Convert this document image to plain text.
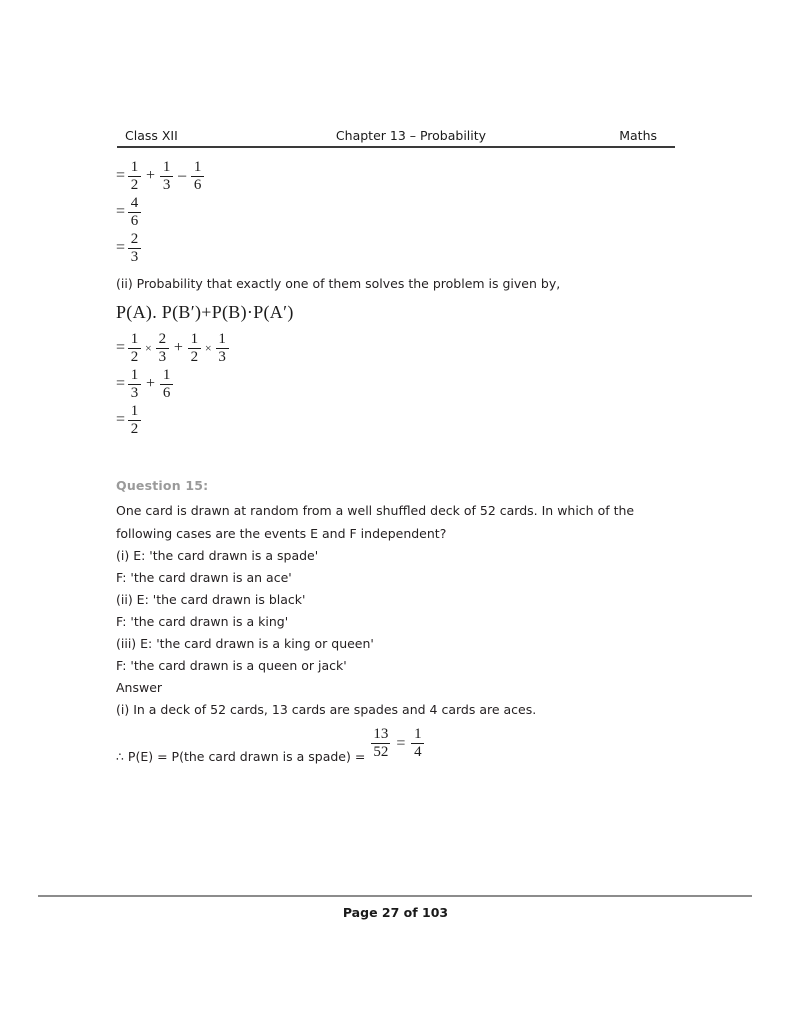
Class XII	Chapter 13 – Probability	Maths
= $\frac{1}{2} + \frac{1}{3} - \frac{1}{6}$
= $\frac{4}{6}$
= $\frac{2}{3}$

(ii) Probability that exactly one of them solves the problem is given by,

P(A). P(B′)+P(B)·P(A′)

= $\frac{1}{2} \times \frac{2}{3} + \frac{1}{2} \times \frac{1}{3}$
= $\frac{1}{3} + \frac{1}{6}$
= $\frac{1}{2}$

Question 15:

One card is drawn at random from a well shuffled deck of 52 cards. In which of the

following cases are the events E and F independent?

(i) E: 'the card drawn is a spade'

F: 'the card drawn is an ace'

(ii) E: 'the card drawn is black'

F: 'the card drawn is a king'

(iii) E: 'the card drawn is a king or queen'

F: 'the card drawn is a queen or jack'

Answer

(i) In a deck of 52 cards, 13 cards are spades and 4 cards are aces.

∴ P(E) = P(the card drawn is a spade) = $\frac{13}{52} = \frac{1}{4}$
Page 27 of 103
